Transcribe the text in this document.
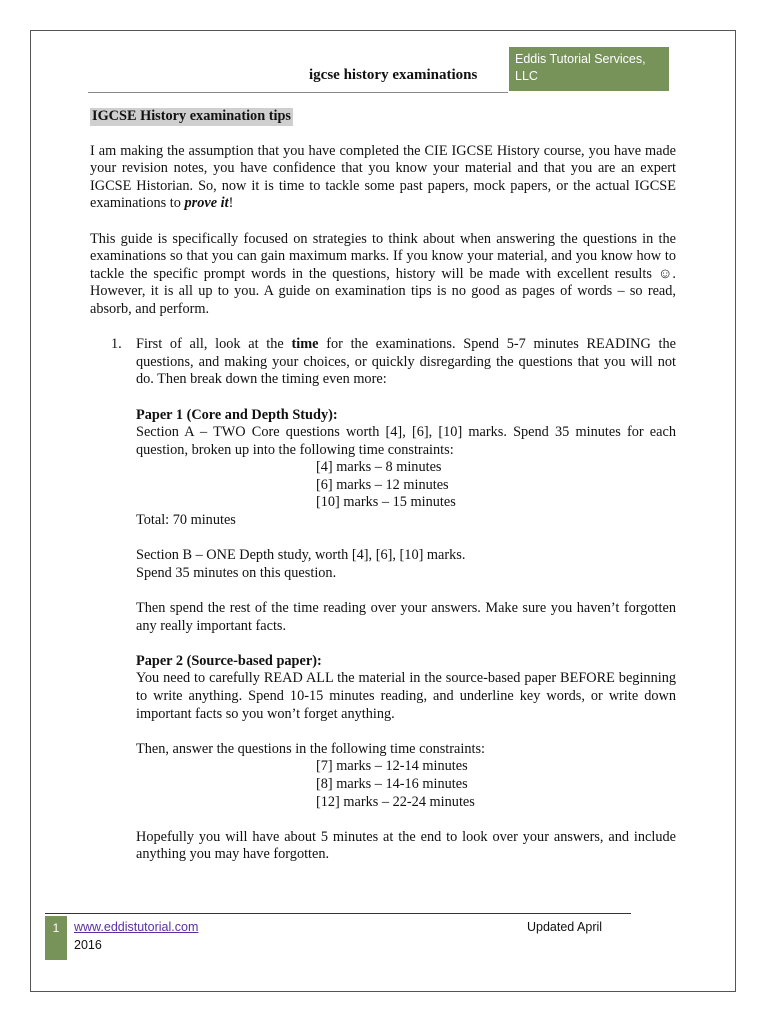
igcse history examinations
Eddis Tutorial Services, LLC
IGCSE History examination tips

I am making the assumption that you have completed the CIE IGCSE History course, you have made your revision notes, you have confidence that you know your material and that you are an expert IGCSE Historian. So, now it is time to tackle some past papers, mock papers, or the actual IGCSE examinations to prove it!

This guide is specifically focused on strategies to think about when answering the questions in the examinations so that you can gain maximum marks. If you know your material, and you know how to tackle the specific prompt words in the questions, history will be made with excellent results ☺. However, it is all up to you. A guide on examination tips is no good as pages of words – so read, absorb, and perform.

1. First of all, look at the time for the examinations. Spend 5-7 minutes READING the questions, and making your choices, or quickly disregarding the questions that you will not do. Then break down the timing even more:

Paper 1 (Core and Depth Study):
Section A – TWO Core questions worth [4], [6], [10] marks. Spend 35 minutes for each question, broken up into the following time constraints:
[4] marks – 8 minutes
[6] marks – 12 minutes
[10] marks – 15 minutes

Total: 70 minutes

Section B – ONE Depth study, worth [4], [6], [10] marks.

Spend 35 minutes on this question.

Then spend the rest of the time reading over your answers. Make sure you haven’t forgotten any really important facts.

Paper 2 (Source-based paper):

You need to carefully READ ALL the material in the source-based paper BEFORE beginning to write anything. Spend 10-15 minutes reading, and underline key words, or write down important facts so you won’t forget anything.

Then, answer the questions in the following time constraints:
[7] marks – 12-14 minutes
[8] marks – 14-16 minutes
[12] marks – 22-24 minutes

Hopefully you will have about 5 minutes at the end to look over your answers, and include anything you may have forgotten.

1	www.eddistutorial.com
2016
Updated April
